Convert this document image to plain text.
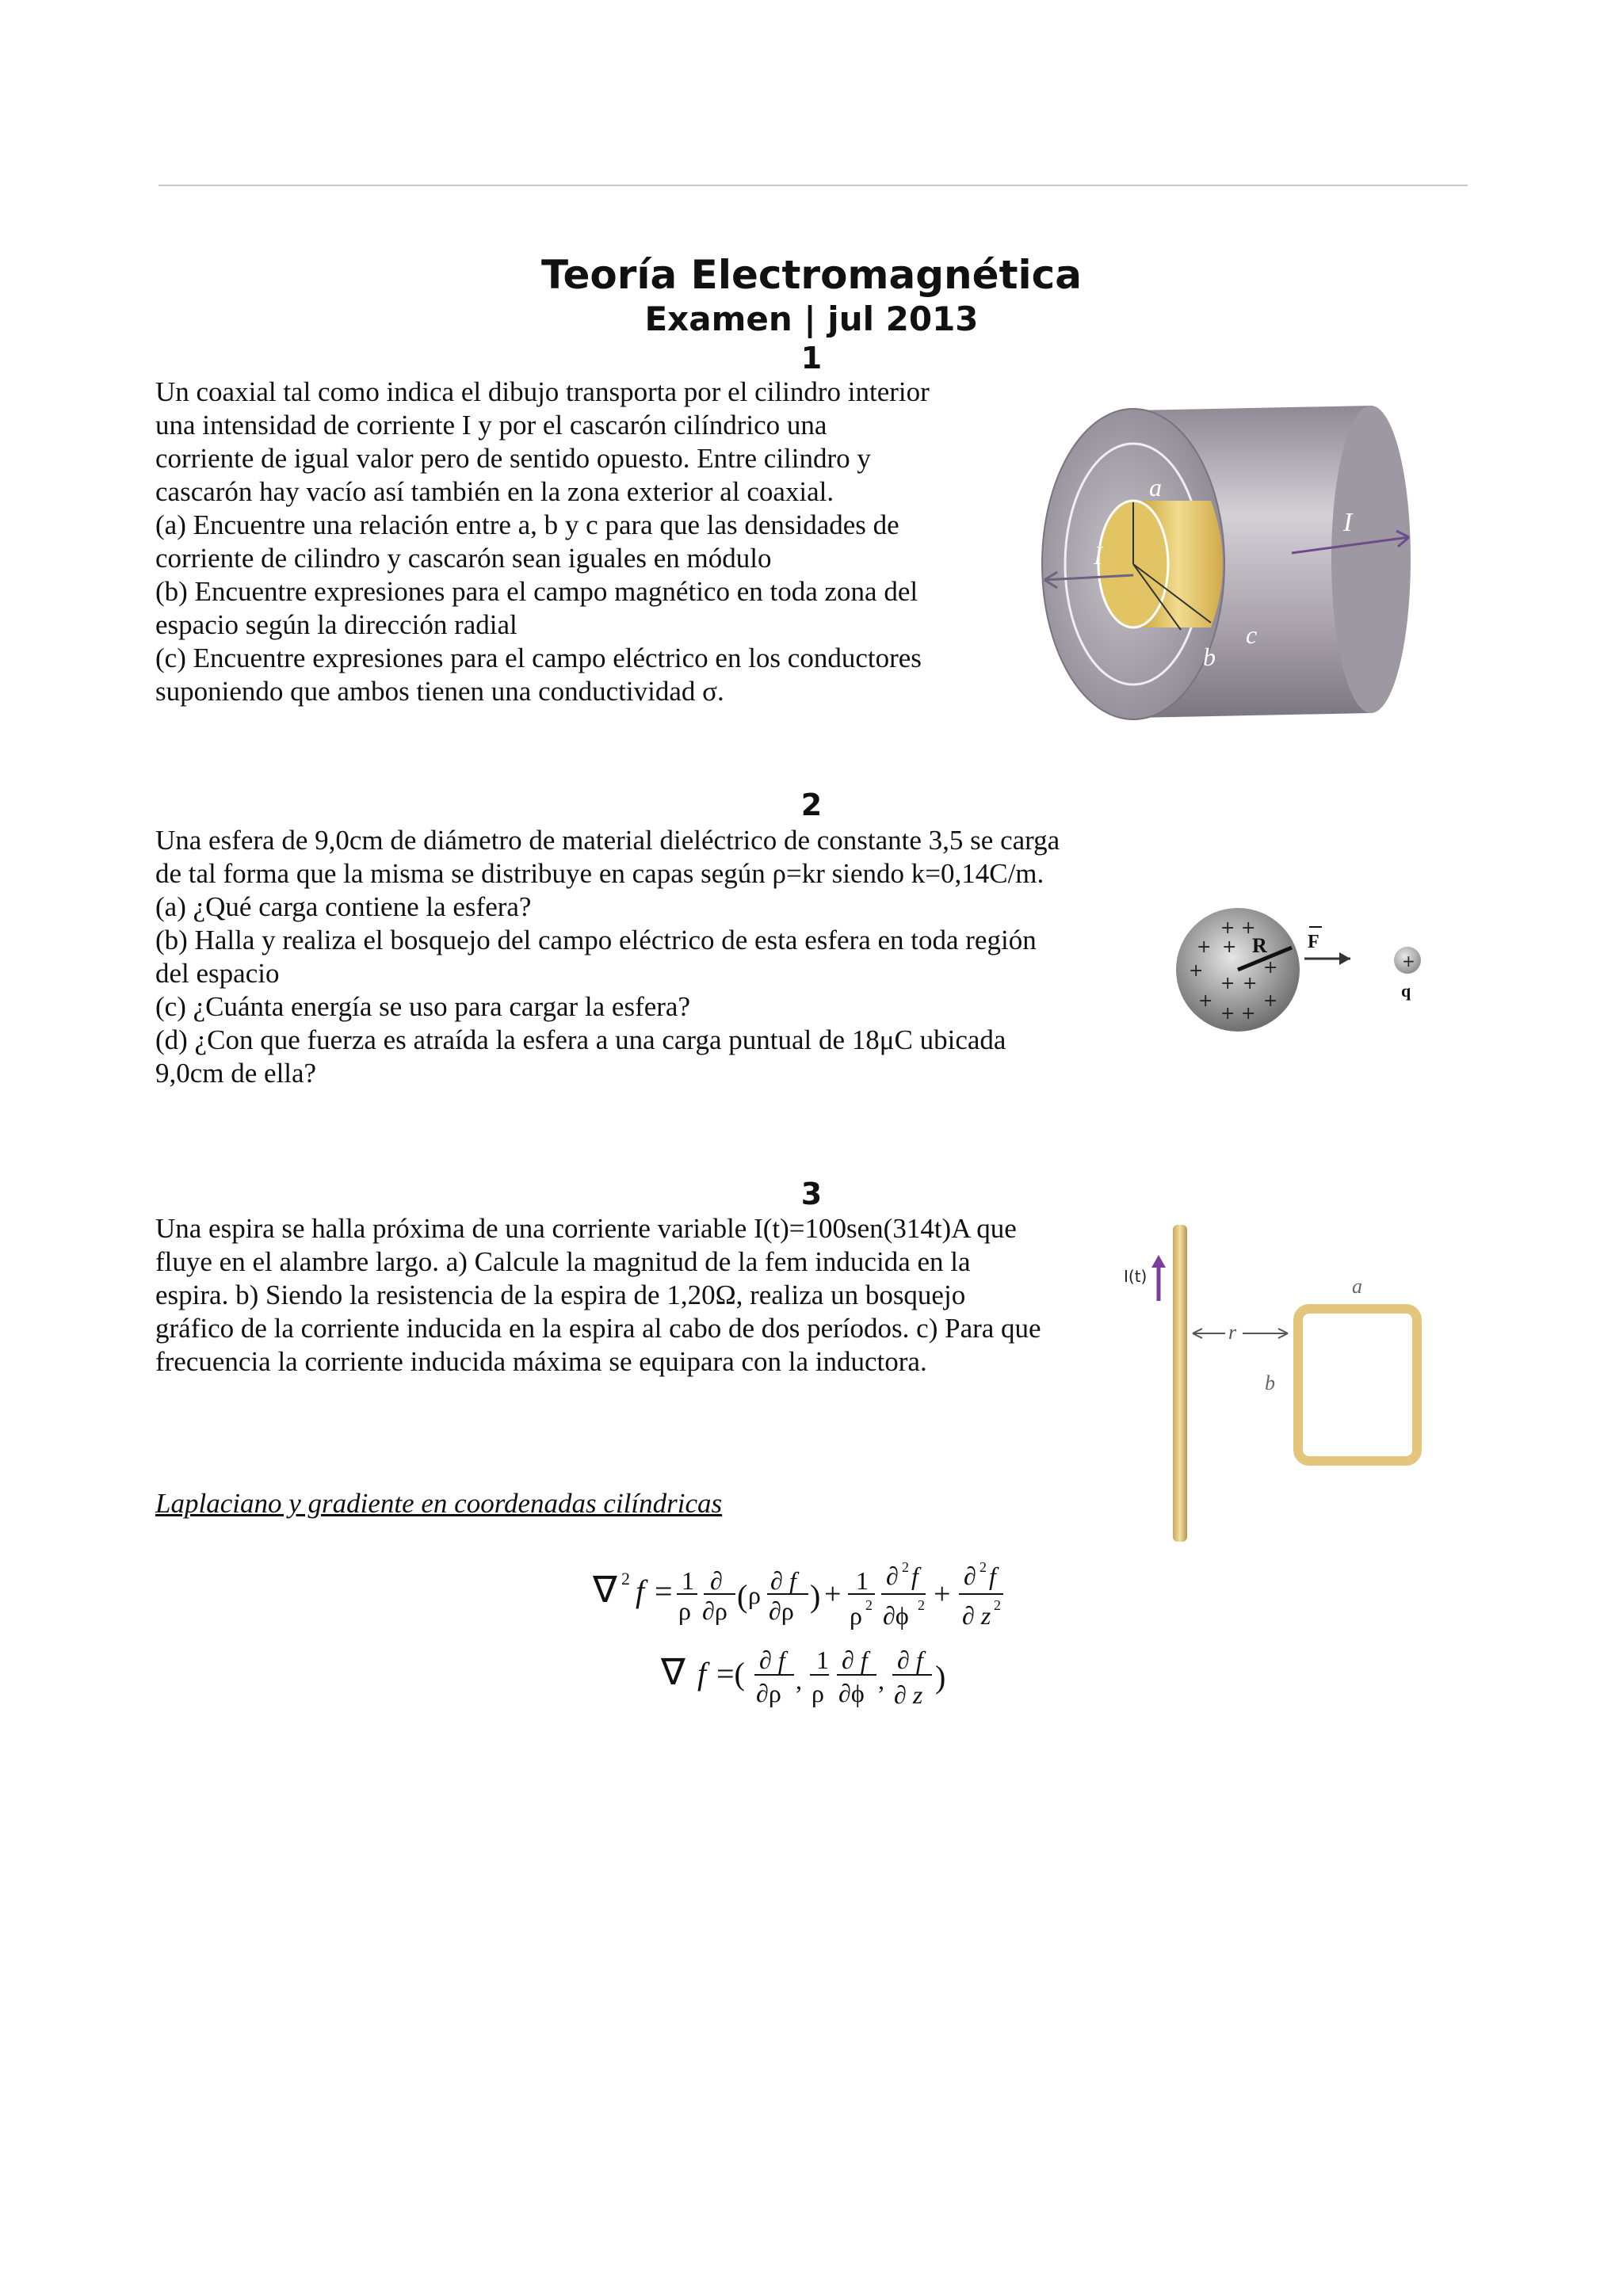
Teoría Electromagnética
Examen | jul 2013
1
Un coaxial tal como indica el dibujo transporta por el cilindro interior
una intensidad de corriente I y por el cascarón cilíndrico una
corriente de igual valor pero de sentido opuesto. Entre cilindro y
cascarón hay vacío así también en la zona exterior al coaxial.
(a) Encuentre una relación entre a, b y c para que las densidades de
corriente de cilindro y cascarón sean iguales en módulo
(b) Encuentre expresiones para el campo magnético en toda zona del
espacio según la dirección radial
(c) Encuentre expresiones para el campo eléctrico en los conductores
suponiendo que ambos tienen una conductividad σ.
a
b
c
I
I
2
Una esfera de 9,0cm de diámetro de material dieléctrico de constante 3,5 se carga
de tal forma que la misma se distribuye en capas según ρ=kr siendo k=0,14C/m.
(a) ¿Qué carga contiene la esfera?
(b) Halla y realiza el bosquejo del campo eléctrico de esta esfera en toda región
del espacio
(c) ¿Cuánta energía se uso para cargar la esfera?
(d) ¿Con que fuerza es atraída la esfera a una carga puntual de 18μC ubicada
9,0cm de ella?
+ +
+ +
+
+ +
+
+
+ +
+
R F
+
q
3
Una espira se halla próxima de una corriente variable I(t)=100sen(314t)A que
fluye en el alambre largo. a) Calcule la magnitud de la fem inducida en la
espira. b) Siendo la resistencia de la espira de 1,20Ω, realiza un bosquejo
gráfico de la corriente inducida en la espira al cabo de dos períodos. c) Para que
frecuencia la corriente inducida máxima se equipara con la inductora.
I(t)
r
a
b
Laplaciano y gradiente en coordenadas cilíndricas
∇ 2 f = 1
ρ
∂
∂ρ ( ρ ∂ f
∂ρ ) + 1
ρ 2
∂ 2 f
∂ϕ 2 +
∂ 2 f
∂ z 2
∇ f =( ∂ f
∂ρ ,
1
ρ
∂ f
∂ϕ ,
∂ f
∂ z )
